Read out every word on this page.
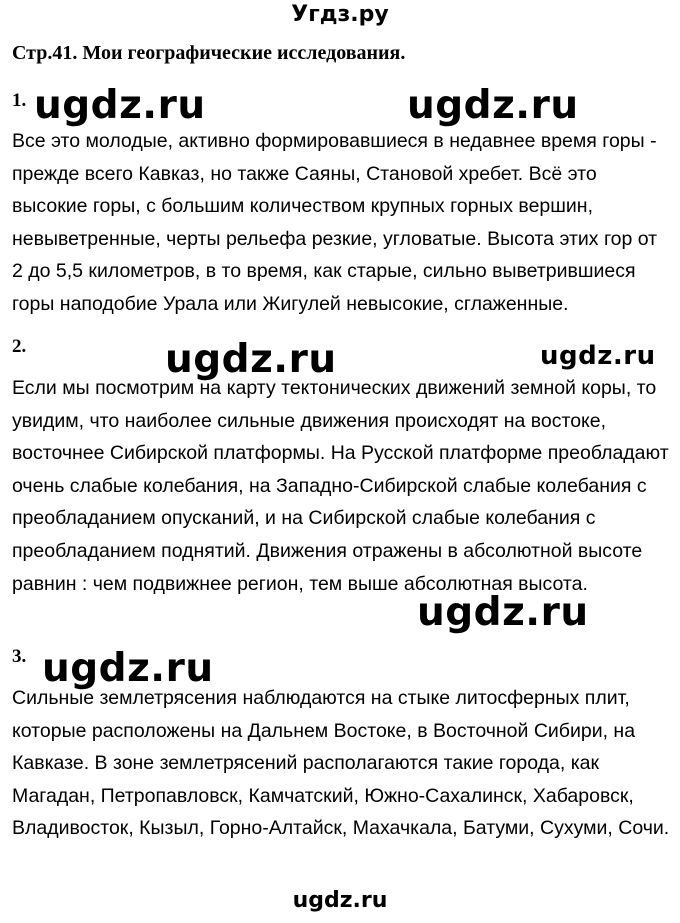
Угдз.ру
Стр.41. Мои географические исследования.
1. ugdz.ru	ugdz.ru

Все это молодые, активно формировавшиеся в недавнее время горы - прежде всего Кавказ, но также Саяны, Становой хребет. Всё это высокие горы, с большим количеством крупных горных вершин, невыветренные, черты рельефа резкие, угловатые. Высота этих гор от 2 до 5,5 километров, в то время, как старые, сильно выветрившиеся горы наподобие Урала или Жигулей невысокие, сглаженные.

2.	ugdz.ru	ugdz.ru

Если мы посмотрим на карту тектонических движений земной коры, то увидим, что наиболее сильные движения происходят на востоке, восточнее Сибирской платформы. На Русской платформе преобладают очень слабые колебания, на Западно-Сибирской слабые колебания с преобладанием опусканий, и на Сибирской слабые колебания с преобладанием поднятий. Движения отражены в абсолютной высоте равнин : чем подвижнее регион, тем выше абсолютная высота.

ugdz.ru
3. ugdz.ru

Сильные землетрясения наблюдаются на стыке литосферных плит, которые расположены на Дальнем Востоке, в Восточной Сибири, на Кавказе. В зоне землетрясений располагаются такие города, как Магадан, Петропавловск, Камчатский, Южно-Сахалинск, Хабаровск, Владивосток, Кызыл, Горно-Алтайск, Махачкала, Батуми, Сухуми, Сочи.

ugdz.ru
